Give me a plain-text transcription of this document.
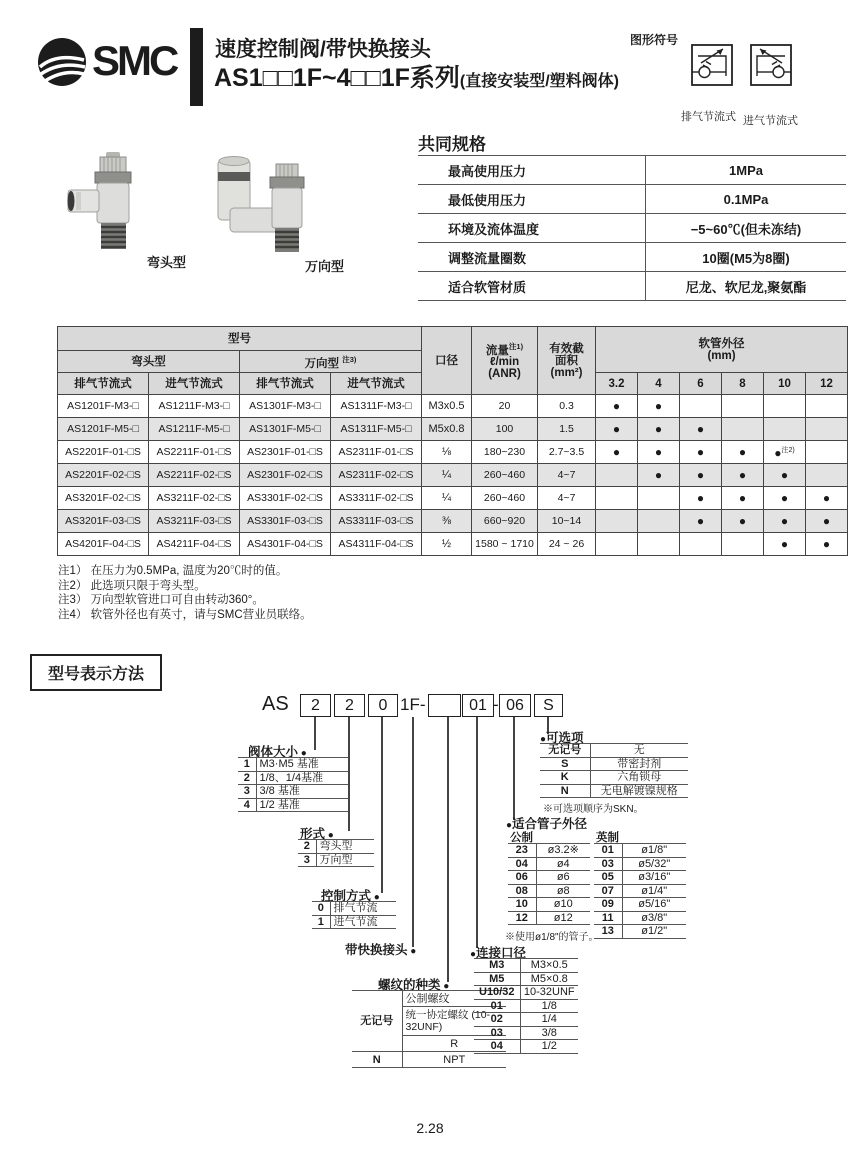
SMC 速度控制阀/带快换接头
AS1□□1F~4□□1F系列(直接安装型/塑料阀体)
图形符号
排气节流式 进气节流式
弯头型	万向型
共同规格
最高使用压力	1MPa
最低使用压力	0.1MPa
环境及流体温度	−5~60℃(但未冻结)
调整流量圈数	10圈(M5为8圈)
适合软管材质	尼龙、软尼龙,聚氨酯
型号				口径	流量$^{注1)}$
ℓ/min
(ANR)	有效截
面积
(mm²)	软管外径
(mm)					
弯头型		万向型 $^{注3)}$
排气节流式	进气节流式	排气节流式	进气节流式				3.2	4	6	8	10	12
AS1201F-M3-□	AS1211F-M3-□	AS1301F-M3-□	AS1311F-M3-□	M3x0.5	20	0.3	●	●				
AS1201F-M5-□	AS1211F-M5-□	AS1301F-M5-□	AS1311F-M5-□	M5x0.8	100	1.5	●	●	●			
AS2201F-01-□S	AS2211F-01-□S	AS2301F-01-□S	AS2311F-01-□S	⅛	180~230	2.7~3.5	●	●	●	●	●$^{注2)}$	
AS2201F-02-□S	AS2211F-02-□S	AS2301F-02-□S	AS2311F-02-□S	¼	260~460	4~7		●	●	●	●	
AS3201F-02-□S	AS3211F-02-□S	AS3301F-02-□S	AS3311F-02-□S	¼	260~460	4~7			●	●	●	●
AS3201F-03-□S	AS3211F-03-□S	AS3301F-03-□S	AS3311F-03-□S	⅜	660~920	10~14			●	●	●	●
AS4201F-04-□S	AS4211F-04-□S	AS4301F-04-□S	AS4311F-04-□S	½	1580 ~ 1710	24 ~ 26					●	●
注1） 在压力为0.5MPa, 温度为20℃时的值。
注2） 此选项只限于弯头型。
注3） 万向型软管进口可自由转动360°。
注4） 软管外径也有英寸，请与SMC营业员联络。
型号表示方法
AS	2	2	0 1F-	01 - 06	S
阀体大小 ●
1	M3·M5 基准
2	1/8、1/4基准
3	3/8 基准
4	1/2 基准
形式 ●
2	弯头型
3	万向型
控制方式 ●
0	排气节流
1	进气节流
带快换接头 ●
螺纹的种类 ●
无记号	公制螺纹
	统一协定螺纹 (10-32UNF)
	R
N	NPT
● 连接口径
M3	M3×0.5
M5	M5×0.8
U10/32	10-32UNF
01	1/8
02	1/4
03	3/8
04	1/2
● 适合管子外径
公制
23	ø3.2※
04	ø4
06	ø6
08	ø8
10	ø10
12	ø12
※使用ø1/8"的管子。
英制
01	ø1/8"
03	ø5/32"
05	ø3/16"
07	ø1/4"
09	ø5/16"
11	ø3/8"
13	ø1/2"
● 可选项
无记号	无
S	带密封剂
K	六角锁母
N	无电解镀镍规格
※可选项顺序为SKN。
2.28
